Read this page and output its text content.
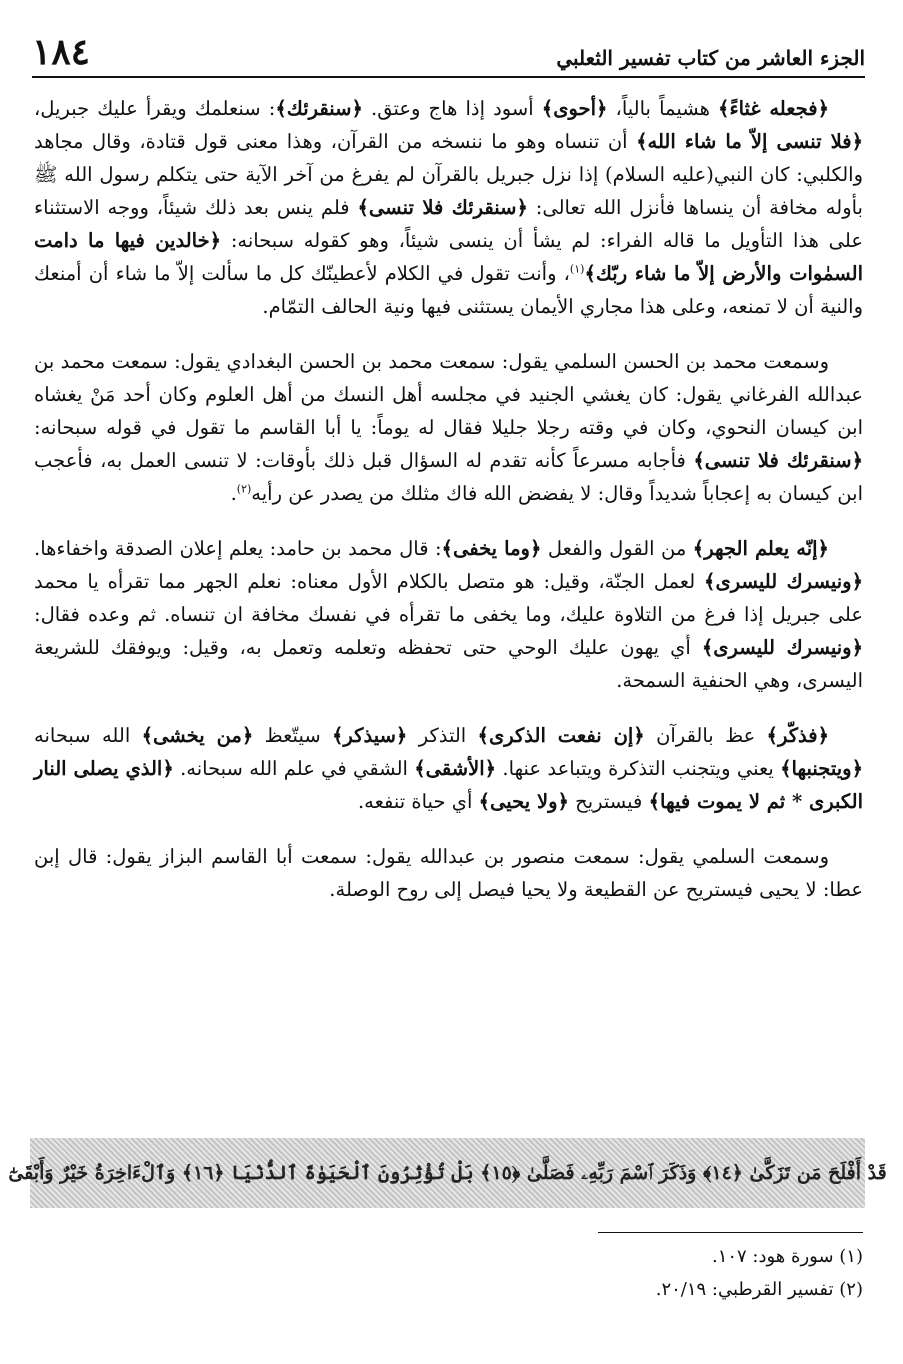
١٨٤	الجزء العاشر من كتاب تفسير الثعلبي

﴿فجعله غثاءً﴾ هشيماً بالياً، ﴿أحوى﴾ أسود إذا هاج وعتق. ﴿سنقرئك﴾: سنعلمك ويقرأ عليك جبريل، ﴿فلا تنسى إلاّ ما شاء الله﴾ أن تنساه وهو ما ننسخه من القرآن، وهذا معنى قول قتادة، وقال مجاهد والكلبي: كان النبي(عليه السلام) إذا نزل جبريل بالقرآن لم يفرغ من آخر الآية حتى يتكلم رسول الله ﷺ بأوله مخافة أن ينساها فأنزل الله تعالى: ﴿سنقرئك فلا تنسى﴾ فلم ينس بعد ذلك شيئاً، ووجه الاستثناء على هذا التأويل ما قاله الفراء: لم يشأ أن ينسى شيئاً، وهو كقوله سبحانه: ﴿خالدين فيها ما دامت السمٰوات والأرض إلاّ ما شاء ربّك﴾$^{(١)}$، وأنت تقول في الكلام لأعطينّك كل ما سألت إلاّ ما شاء أن أمنعك والنية أن لا تمنعه، وعلى هذا مجاري الأيمان يستثنى فيها ونية الحالف التمّام.

وسمعت محمد بن الحسن السلمي يقول: سمعت محمد بن الحسن البغدادي يقول: سمعت محمد بن عبدالله الفرغاني يقول: كان يغشي الجنيد في مجلسه أهل النسك من أهل العلوم وكان أحد مَنْ يغشاه ابن كيسان النحوي، وكان في وقته رجلا جليلا فقال له يوماً: يا أبا القاسم ما تقول في قوله سبحانه: ﴿سنقرئك فلا تنسى﴾ فأجابه مسرعاً كأنه تقدم له السؤال قبل ذلك بأوقات: لا تنسى العمل به، فأعجب ابن كيسان به إعجاباً شديداً وقال: لا يفضض الله فاك مثلك من يصدر عن رأيه$^{(٢)}$.

﴿إنّه يعلم الجهر﴾ من القول والفعل ﴿وما يخفى﴾: قال محمد بن حامد: يعلم إعلان الصدقة واخفاءها. ﴿ونيسرك لليسرى﴾ لعمل الجنّة، وقيل: هو متصل بالكلام الأول معناه: نعلم الجهر مما تقرأه يا محمد على جبريل إذا فرغ من التلاوة عليك، وما يخفى ما تقرأه في نفسك مخافة ان تنساه. ثم وعده فقال: ﴿ونيسرك لليسرى﴾ أي يهون عليك الوحي حتى تحفظه وتعلمه وتعمل به، وقيل: ويوفقك للشريعة اليسرى، وهي الحنفية السمحة.

﴿فذكّر﴾ عظ بالقرآن ﴿إن نفعت الذكرى﴾ التذكر ﴿سيذكر﴾ سيتّعظ ﴿من يخشى﴾ الله سبحانه ﴿ويتجنبها﴾ يعني ويتجنب التذكرة ويتباعد عنها. ﴿الأشقى﴾ الشقي في علم الله سبحانه. ﴿الذي يصلى النار الكبرى * ثم لا يموت فيها﴾ فيستريح ﴿ولا يحيى﴾ أي حياة تنفعه.

وسمعت السلمي يقول: سمعت منصور بن عبدالله يقول: سمعت أبا القاسم البزاز يقول: قال إبن عطا: لا يحيى فيستريح عن القطيعة ولا يحيا فيصل إلى روح الوصلة.

قَدْ أَفْلَحَ مَن تَزَكَّىٰ ﴿١٤﴾ وَذَكَرَ ٱسْمَ رَبِّهِۦ فَصَلَّىٰ ﴿١٥﴾ بَلْ تُؤْثِرُونَ ٱلْحَيَوٰةَ ٱلدُّنْيَا ﴿١٦﴾ وَٱلْءَاخِرَةُ خَيْرٌ وَأَبْقَىٰٓ

(١) سورة هود: ١٠٧.

(٢) تفسير القرطبي: ٢٠/١٩.
